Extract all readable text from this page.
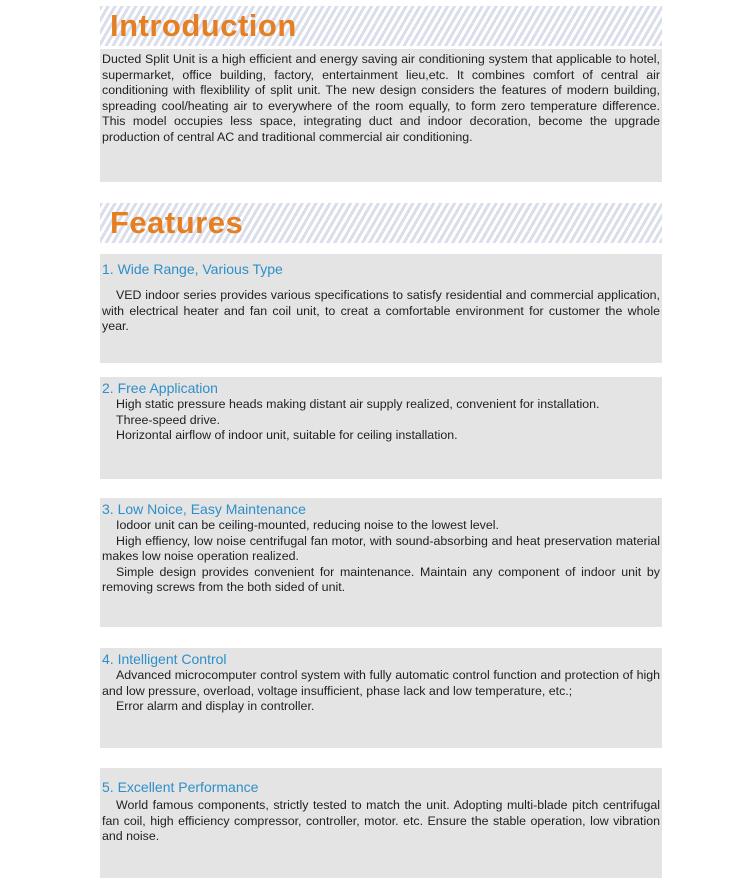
Introduction

Ducted Split Unit is a high efficient and energy saving air conditioning system that applicable to hotel, supermarket, office building, factory, entertainment lieu,etc. It combines comfort of central air conditioning with flexiblility of split unit. The new design considers the features of modern building, spreading cool/heating air to everywhere of the room equally, to form zero temperature difference. This model occupies less space, integrating duct and indoor decoration, become the upgrade production of central AC and traditional commercial air conditioning.

Features

1. Wide Range, Various Type

VED indoor series provides various specifications to satisfy residential and commercial application, with electrical heater and fan coil unit, to creat a comfortable environment for customer the whole year.

2. Free Application

High static pressure heads making distant air supply realized, convenient for installation.

Three-speed drive.

Horizontal airflow of indoor unit, suitable for ceiling installation.

3. Low Noice, Easy Maintenance

Iodoor unit can be ceiling-mounted, reducing noise to the lowest level.

High effiency, low noise centrifugal fan motor, with sound-absorbing and heat preservation material makes low noise operation realized.

Simple design provides convenient for maintenance. Maintain any component of indoor unit by removing screws from the both sided of unit.

4. Intelligent Control

Advanced microcomputer control system with fully automatic control function and protection of high and low pressure, overload, voltage insufficient, phase lack and low temperature, etc.;

Error alarm and display in controller.

5. Excellent Performance

World famous components, strictly tested to match the unit. Adopting multi-blade pitch centrifugal fan coil, high efficiency compressor, controller, motor. etc. Ensure the stable operation, low vibration and noise.
